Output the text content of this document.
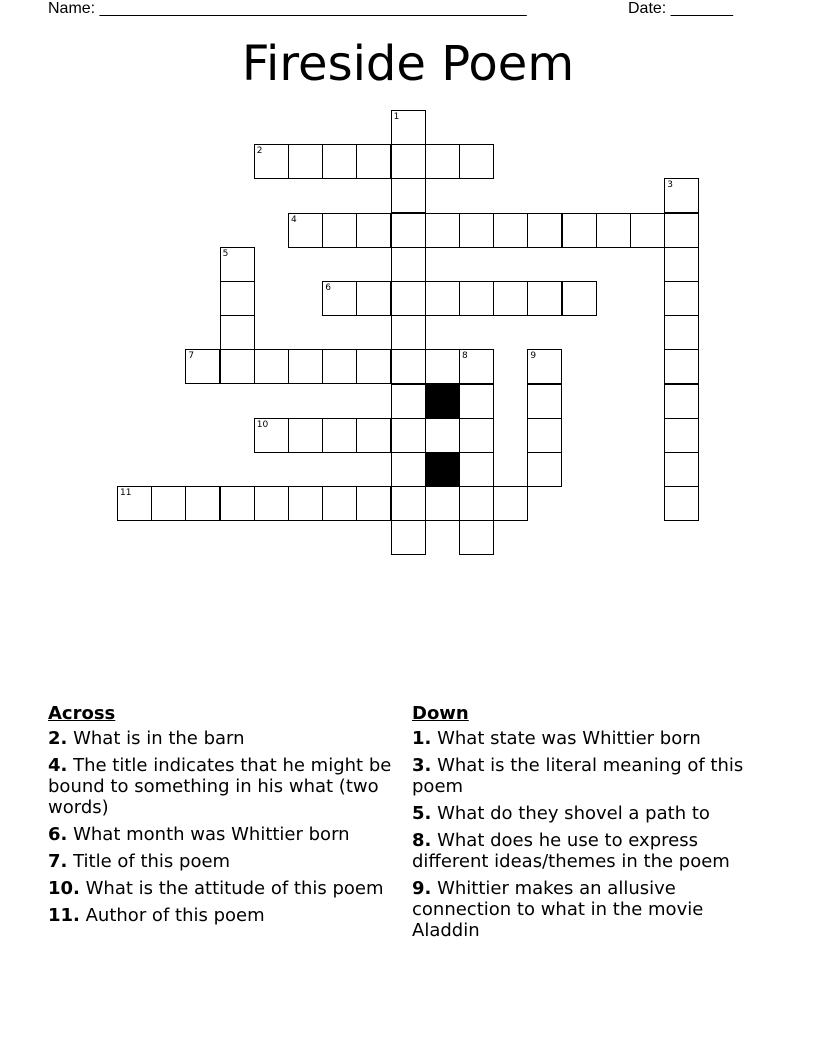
Name: ________________________________________________	Date: _______
Fireside Poem
1
2
3
4
5
6
7	8	9
10
11
Across
2. What is in the barn
4. The title indicates that he might be bound to something in his what (two words)
6. What month was Whittier born
7. Title of this poem
10. What is the attitude of this poem
11. Author of this poem
Down
1. What state was Whittier born
3. What is the literal meaning of this poem
5. What do they shovel a path to
8. What does he use to express different ideas/themes in the poem
9. Whittier makes an allusive connection to what in the movie Aladdin
